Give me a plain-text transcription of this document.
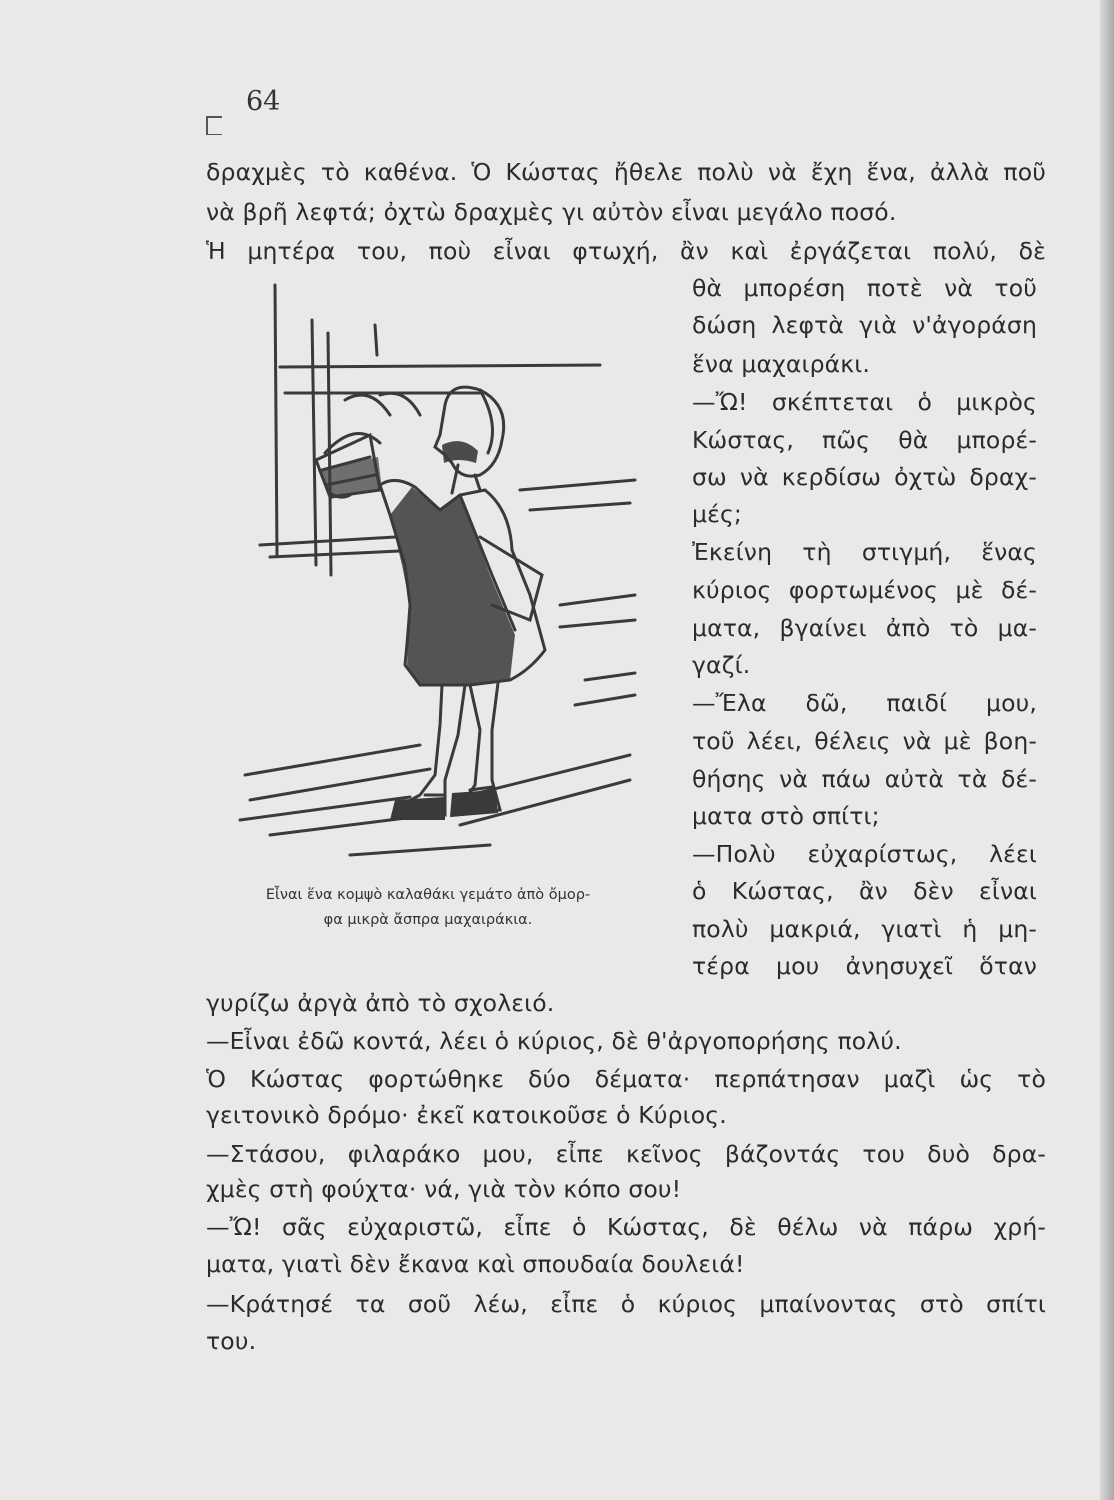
64
δραχμὲς τὸ καθένα. Ὁ Κώστας ἤθελε πολὺ νὰ ἔχη ἕνα, ἀλλὰ ποῦ
νὰ βρῆ λεφτά; ὀχτὼ δραχμὲς γι αὐτὸν εἶναι μεγάλο ποσό.
Ἡ μητέρα του, ποὺ εἶναι φτωχή, ἂν καὶ ἐργάζεται πολύ, δὲ
θὰ μπορέση ποτὲ νὰ τοῦ
δώση λεφτὰ γιὰ ν'ἀγοράση
ἕνα μαχαιράκι.
—Ὤ! σκέπτεται ὁ μικρὸς
Κώστας, πῶς θὰ μπορέ-
σω νὰ κερδίσω ὀχτὼ δραχ-
μές;
Ἐκείνη τὴ στιγμή, ἕνας
κύριος φορτωμένος μὲ δέ-
ματα, βγαίνει ἀπὸ τὸ μα-
γαζί.
—Ἔλα δῶ, παιδί μου,
τοῦ λέει, θέλεις νὰ μὲ βοη-
θήσης νὰ πάω αὐτὰ τὰ δέ-
ματα στὸ σπίτι;
—Πολὺ εὐχαρίστως, λέει
ὁ Κώστας, ἂν δὲν εἶναι
πολὺ μακριά, γιατὶ ἡ μη-
τέρα μου ἀνησυχεῖ ὅταν
γυρίζω ἀργὰ ἀπὸ τὸ σχολειό.
—Εἶναι ἐδῶ κοντά, λέει ὁ κύριος, δὲ θ'ἀργοπορήσης πολύ.
Ὁ Κώστας φορτώθηκε δύο δέματα· περπάτησαν μαζὶ ὡς τὸ
γειτονικὸ δρόμο· ἐκεῖ κατοικοῦσε ὁ Κύριος.
—Στάσου, φιλαράκο μου, εἶπε κεῖνος βάζοντάς του δυὸ δρα-
χμὲς στὴ φούχτα· νά, γιὰ τὸν κόπο σου!
—Ὤ! σᾶς εὐχαριστῶ, εἶπε ὁ Κώστας, δὲ θέλω νὰ πάρω χρή-
ματα, γιατὶ δὲν ἔκανα καὶ σπουδαία δουλειά!
—Κράτησέ τα σοῦ λέω, εἶπε ὁ κύριος μπαίνοντας στὸ σπίτι
του.
Εἶναι ἕνα κομψὸ καλαθάκι γεμάτο ἀπὸ ὄμορ-
φα μικρὰ ἄσπρα μαχαιράκια.
